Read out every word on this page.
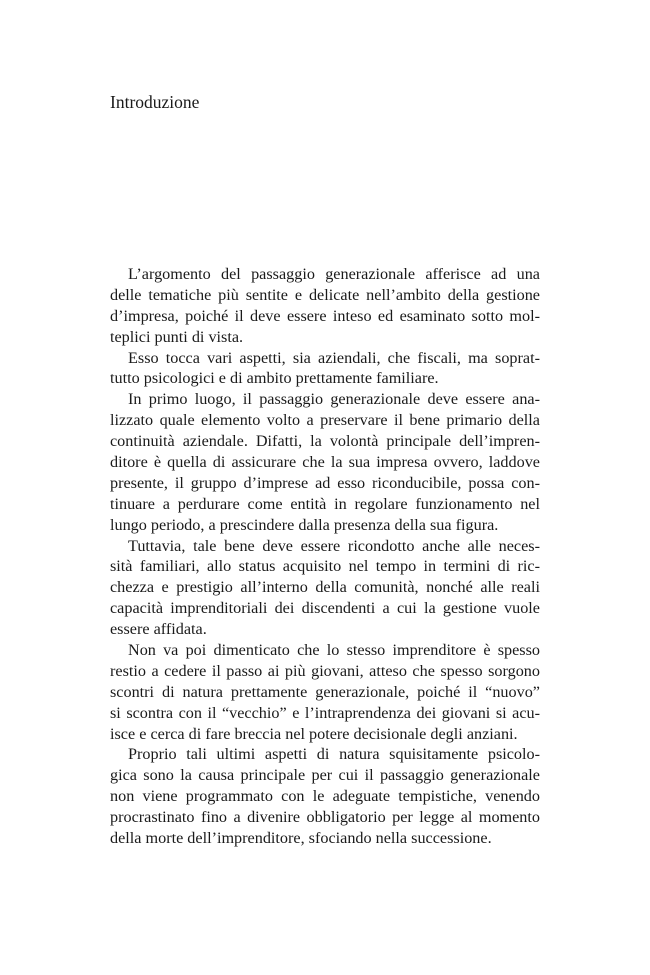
Introduzione
L’argomento del passaggio generazionale afferisce ad una
delle tematiche più sentite e delicate nell’ambito della gestione
d’impresa, poiché il deve essere inteso ed esaminato sotto mol-
teplici punti di vista.
Esso tocca vari aspetti, sia aziendali, che fiscali, ma soprat-
tutto psicologici e di ambito prettamente familiare.
In primo luogo, il passaggio generazionale deve essere ana-
lizzato quale elemento volto a preservare il bene primario della
continuità aziendale. Difatti, la volontà principale dell’impren-
ditore è quella di assicurare che la sua impresa ovvero, laddove
presente, il gruppo d’imprese ad esso riconducibile, possa con-
tinuare a perdurare come entità in regolare funzionamento nel
lungo periodo, a prescindere dalla presenza della sua figura.
Tuttavia, tale bene deve essere ricondotto anche alle neces-
sità familiari, allo status acquisito nel tempo in termini di ric-
chezza e prestigio all’interno della comunità, nonché alle reali
capacità imprenditoriali dei discendenti a cui la gestione vuole
essere affidata.
Non va poi dimenticato che lo stesso imprenditore è spesso
restio a cedere il passo ai più giovani, atteso che spesso sorgono
scontri di natura prettamente generazionale, poiché il “nuovo”
si scontra con il “vecchio” e l’intraprendenza dei giovani si acu-
isce e cerca di fare breccia nel potere decisionale degli anziani.
Proprio tali ultimi aspetti di natura squisitamente psicolo-
gica sono la causa principale per cui il passaggio generazionale
non viene programmato con le adeguate tempistiche, venendo
procrastinato fino a divenire obbligatorio per legge al momento
della morte dell’imprenditore, sfociando nella successione.
